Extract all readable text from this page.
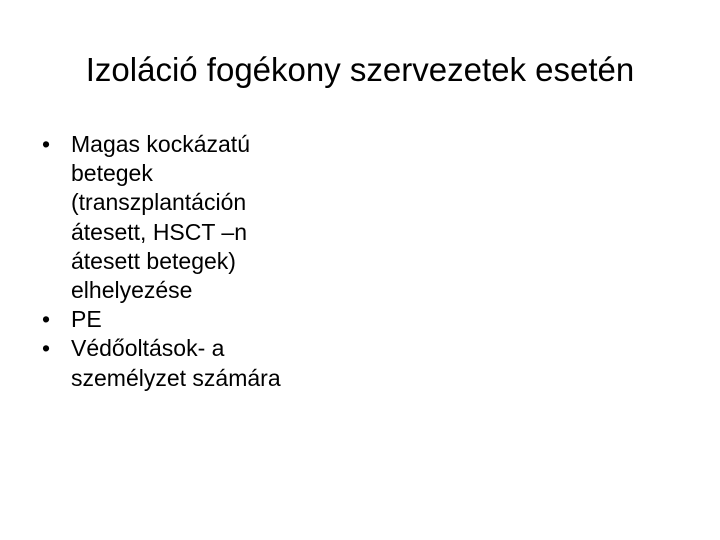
Izoláció fogékony szervezetek esetén
• Magas kockázatú
betegek
(transzplantáción
átesett, HSCT –n
átesett betegek)
elhelyezése
• PE
• Védőoltások- a
személyzet számára
